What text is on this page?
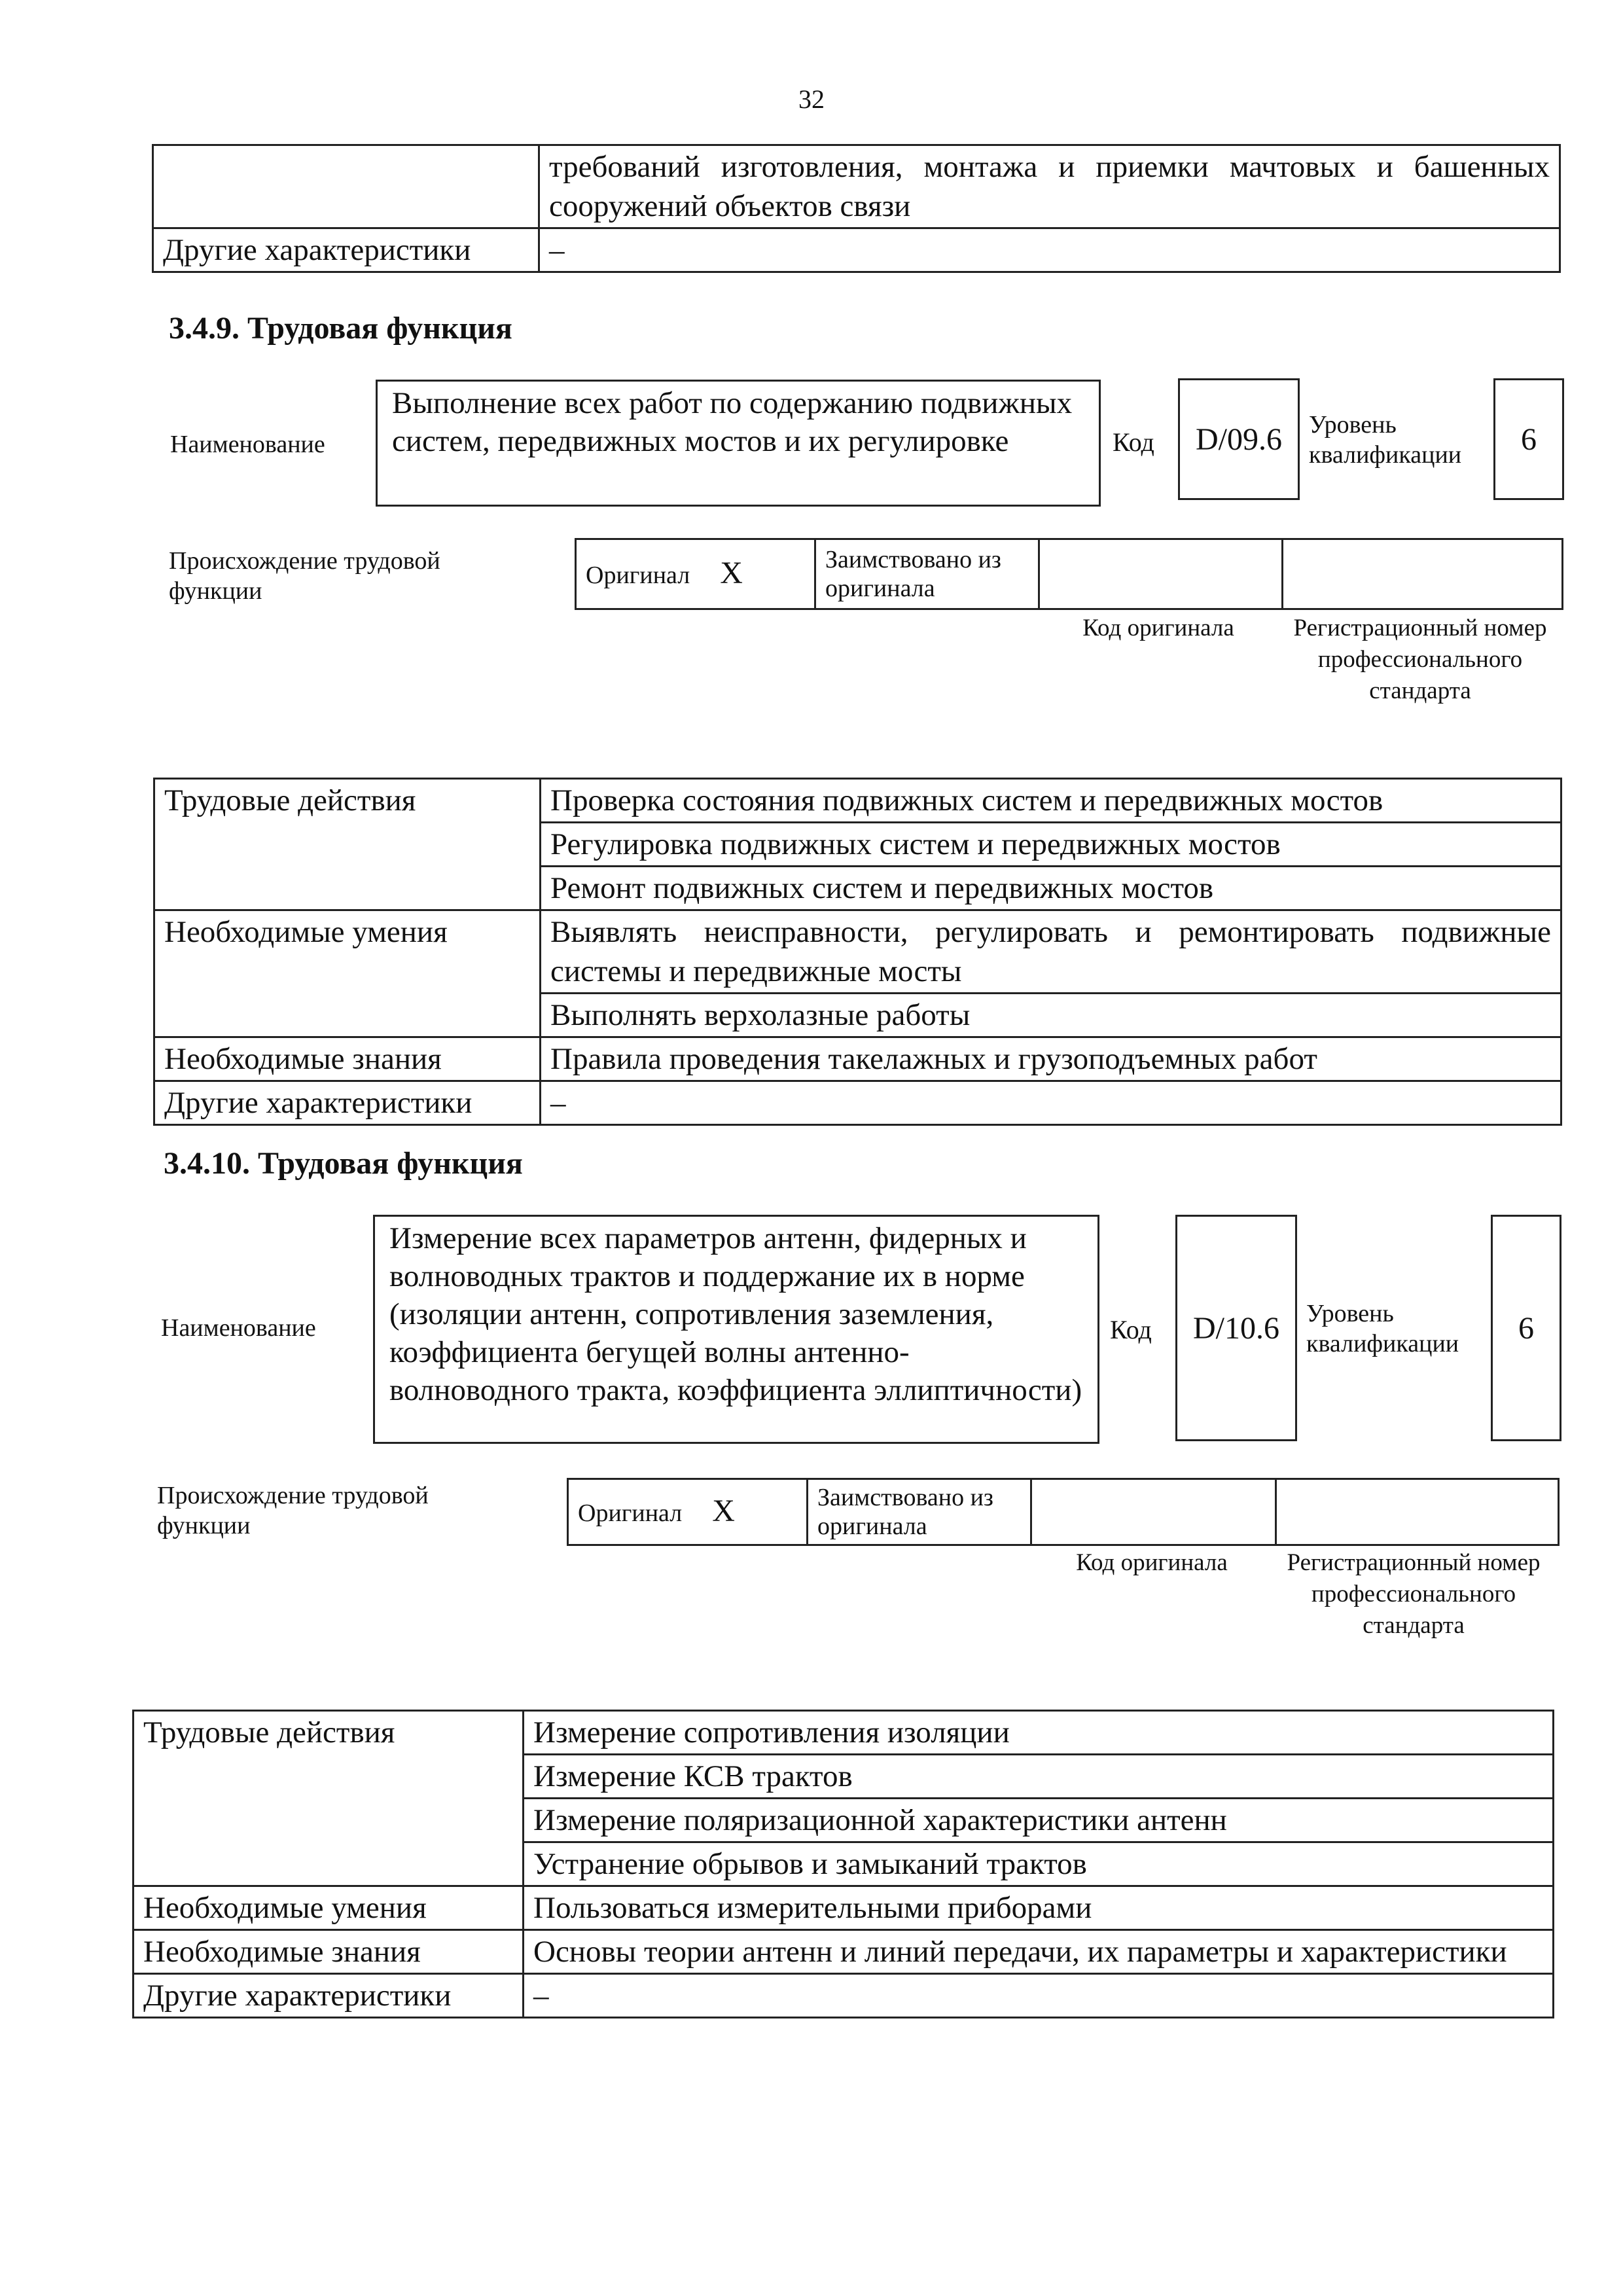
32
	требований изготовления, монтажа и приемки мачтовых и башенных сооружений объектов связи
Другие характеристики	–
3.4.9. Трудовая функция
Наименование
Выполнение всех работ по содержанию подвижных систем, передвижных мостов и их регулировке	Код	D/09.6	Уровень квалификации	6
Происхождение трудовой функции
Оригинал X	Заимствовано из оригинала		
Код оригинала	Регистрационный номер профессионального стандарта
Трудовые действия	Проверка состояния подвижных систем и передвижных мостов
	Регулировка подвижных систем и передвижных мостов
	Ремонт подвижных систем и передвижных мостов
Необходимые умения	Выявлять неисправности, регулировать и ремонтировать подвижные системы и передвижные мосты
	Выполнять верхолазные работы
Необходимые знания	Правила проведения такелажных и грузоподъемных работ
Другие характеристики	–
3.4.10. Трудовая функция
Наименование
Измерение всех параметров антенн, фидерных и волноводных трактов и поддержание их в норме (изоляции антенн, сопротивления заземления, коэффициента бегущей волны антенно-волноводного тракта, коэффициента эллиптичности)
Код	D/10.6	Уровень квалификации	6
Происхождение трудовой функции	Оригинал X	Заимствовано из оригинала		
Код оригинала	Регистрационный номер профессионального стандарта
Трудовые действия	Измерение сопротивления изоляции
	Измерение КСВ трактов
	Измерение поляризационной характеристики антенн
	Устранение обрывов и замыканий трактов
Необходимые умения	Пользоваться измерительными приборами
Необходимые знания	Основы теории антенн и линий передачи, их параметры и характеристики
Другие характеристики	–
